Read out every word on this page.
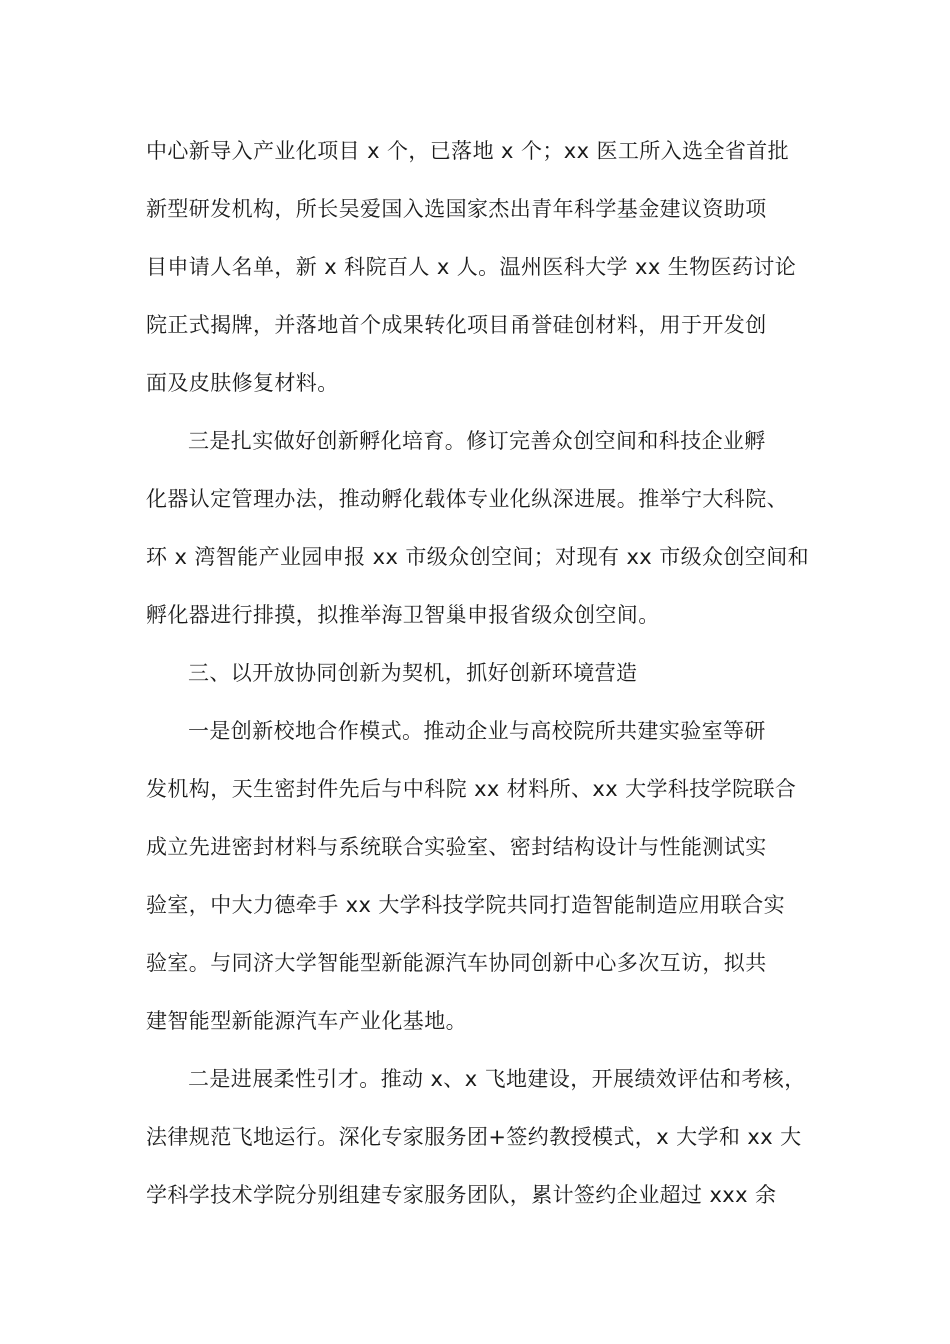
中心新导入产业化项目 x 个，已落地 x 个；xx 医工所入选全省首批
新型研发机构，所长吴爱国入选国家杰出青年科学基金建议资助项
目申请人名单，新 x 科院百人 x 人。温州医科大学 xx 生物医药讨论
院正式揭牌，并落地首个成果转化项目甬誉硅创材料，用于开发创
面及皮肤修复材料。
三是扎实做好创新孵化培育。修订完善众创空间和科技企业孵
化器认定管理办法，推动孵化载体专业化纵深进展。推举宁大科院、
环 x 湾智能产业园申报 xx 市级众创空间；对现有 xx 市级众创空间和
孵化器进行排摸，拟推举海卫智巢申报省级众创空间。
三、以开放协同创新为契机，抓好创新环境营造
一是创新校地合作模式。推动企业与高校院所共建实验室等研
发机构，天生密封件先后与中科院 xx 材料所、xx 大学科技学院联合
成立先进密封材料与系统联合实验室、密封结构设计与性能测试实
验室，中大力德牵手 xx 大学科技学院共同打造智能制造应用联合实
验室。与同济大学智能型新能源汽车协同创新中心多次互访，拟共
建智能型新能源汽车产业化基地。
二是进展柔性引才。推动 x、x 飞地建设，开展绩效评估和考核，
法律规范飞地运行。深化专家服务团+签约教授模式，x 大学和 xx 大
学科学技术学院分别组建专家服务团队，累计签约企业超过 xxx 余
